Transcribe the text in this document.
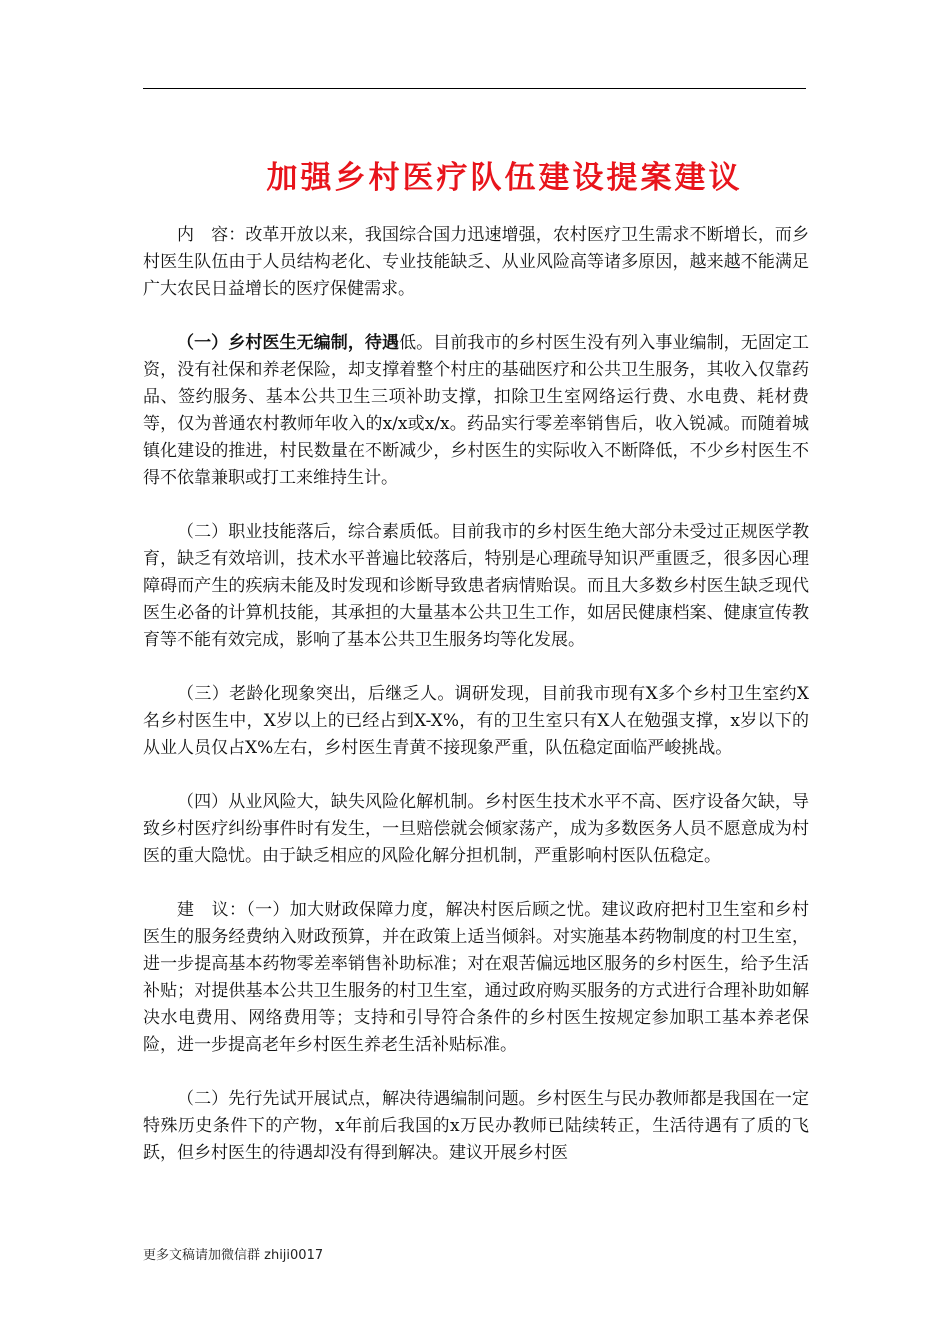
加强乡村医疗队伍建设提案建议

内　容：改革开放以来，我国综合国力迅速增强，农村医疗卫生需求不断增长，而乡村医生队伍由于人员结构老化、专业技能缺乏、从业风险高等诸多原因，越来越不能满足广大农民日益增长的医疗保健需求。

（一）乡村医生无编制，待遇低。目前我市的乡村医生没有列入事业编制，无固定工资，没有社保和养老保险，却支撑着整个村庄的基础医疗和公共卫生服务，其收入仅靠药品、签约服务、基本公共卫生三项补助支撑，扣除卫生室网络运行费、水电费、耗材费等，仅为普通农村教师年收入的x/x或x/x。药品实行零差率销售后，收入锐减。而随着城镇化建设的推进，村民数量在不断减少，乡村医生的实际收入不断降低，不少乡村医生不得不依靠兼职或打工来维持生计。

（二）职业技能落后，综合素质低。目前我市的乡村医生绝大部分未受过正规医学教育，缺乏有效培训，技术水平普遍比较落后，特别是心理疏导知识严重匮乏，很多因心理障碍而产生的疾病未能及时发现和诊断导致患者病情贻误。而且大多数乡村医生缺乏现代医生必备的计算机技能，其承担的大量基本公共卫生工作，如居民健康档案、健康宣传教育等不能有效完成，影响了基本公共卫生服务均等化发展。

（三）老龄化现象突出，后继乏人。调研发现，目前我市现有X多个乡村卫生室约X名乡村医生中，X岁以上的已经占到X-X%，有的卫生室只有X人在勉强支撑，x岁以下的从业人员仅占X%左右，乡村医生青黄不接现象严重，队伍稳定面临严峻挑战。

（四）从业风险大，缺失风险化解机制。乡村医生技术水平不高、医疗设备欠缺，导致乡村医疗纠纷事件时有发生，一旦赔偿就会倾家荡产，成为多数医务人员不愿意成为村医的重大隐忧。由于缺乏相应的风险化解分担机制，严重影响村医队伍稳定。

建　议：（一）加大财政保障力度，解决村医后顾之忧。建议政府把村卫生室和乡村医生的服务经费纳入财政预算，并在政策上适当倾斜。对实施基本药物制度的村卫生室，进一步提高基本药物零差率销售补助标准；对在艰苦偏远地区服务的乡村医生，给予生活补贴；对提供基本公共卫生服务的村卫生室，通过政府购买服务的方式进行合理补助如解决水电费用、网络费用等；支持和引导符合条件的乡村医生按规定参加职工基本养老保险，进一步提高老年乡村医生养老生活补贴标准。

（二）先行先试开展试点，解决待遇编制问题。乡村医生与民办教师都是我国在一定特殊历史条件下的产物，x年前后我国的x万民办教师已陆续转正，生活待遇有了质的飞跃，但乡村医生的待遇却没有得到解决。建议开展乡村医

更多文稿请加微信群 zhiji0017
